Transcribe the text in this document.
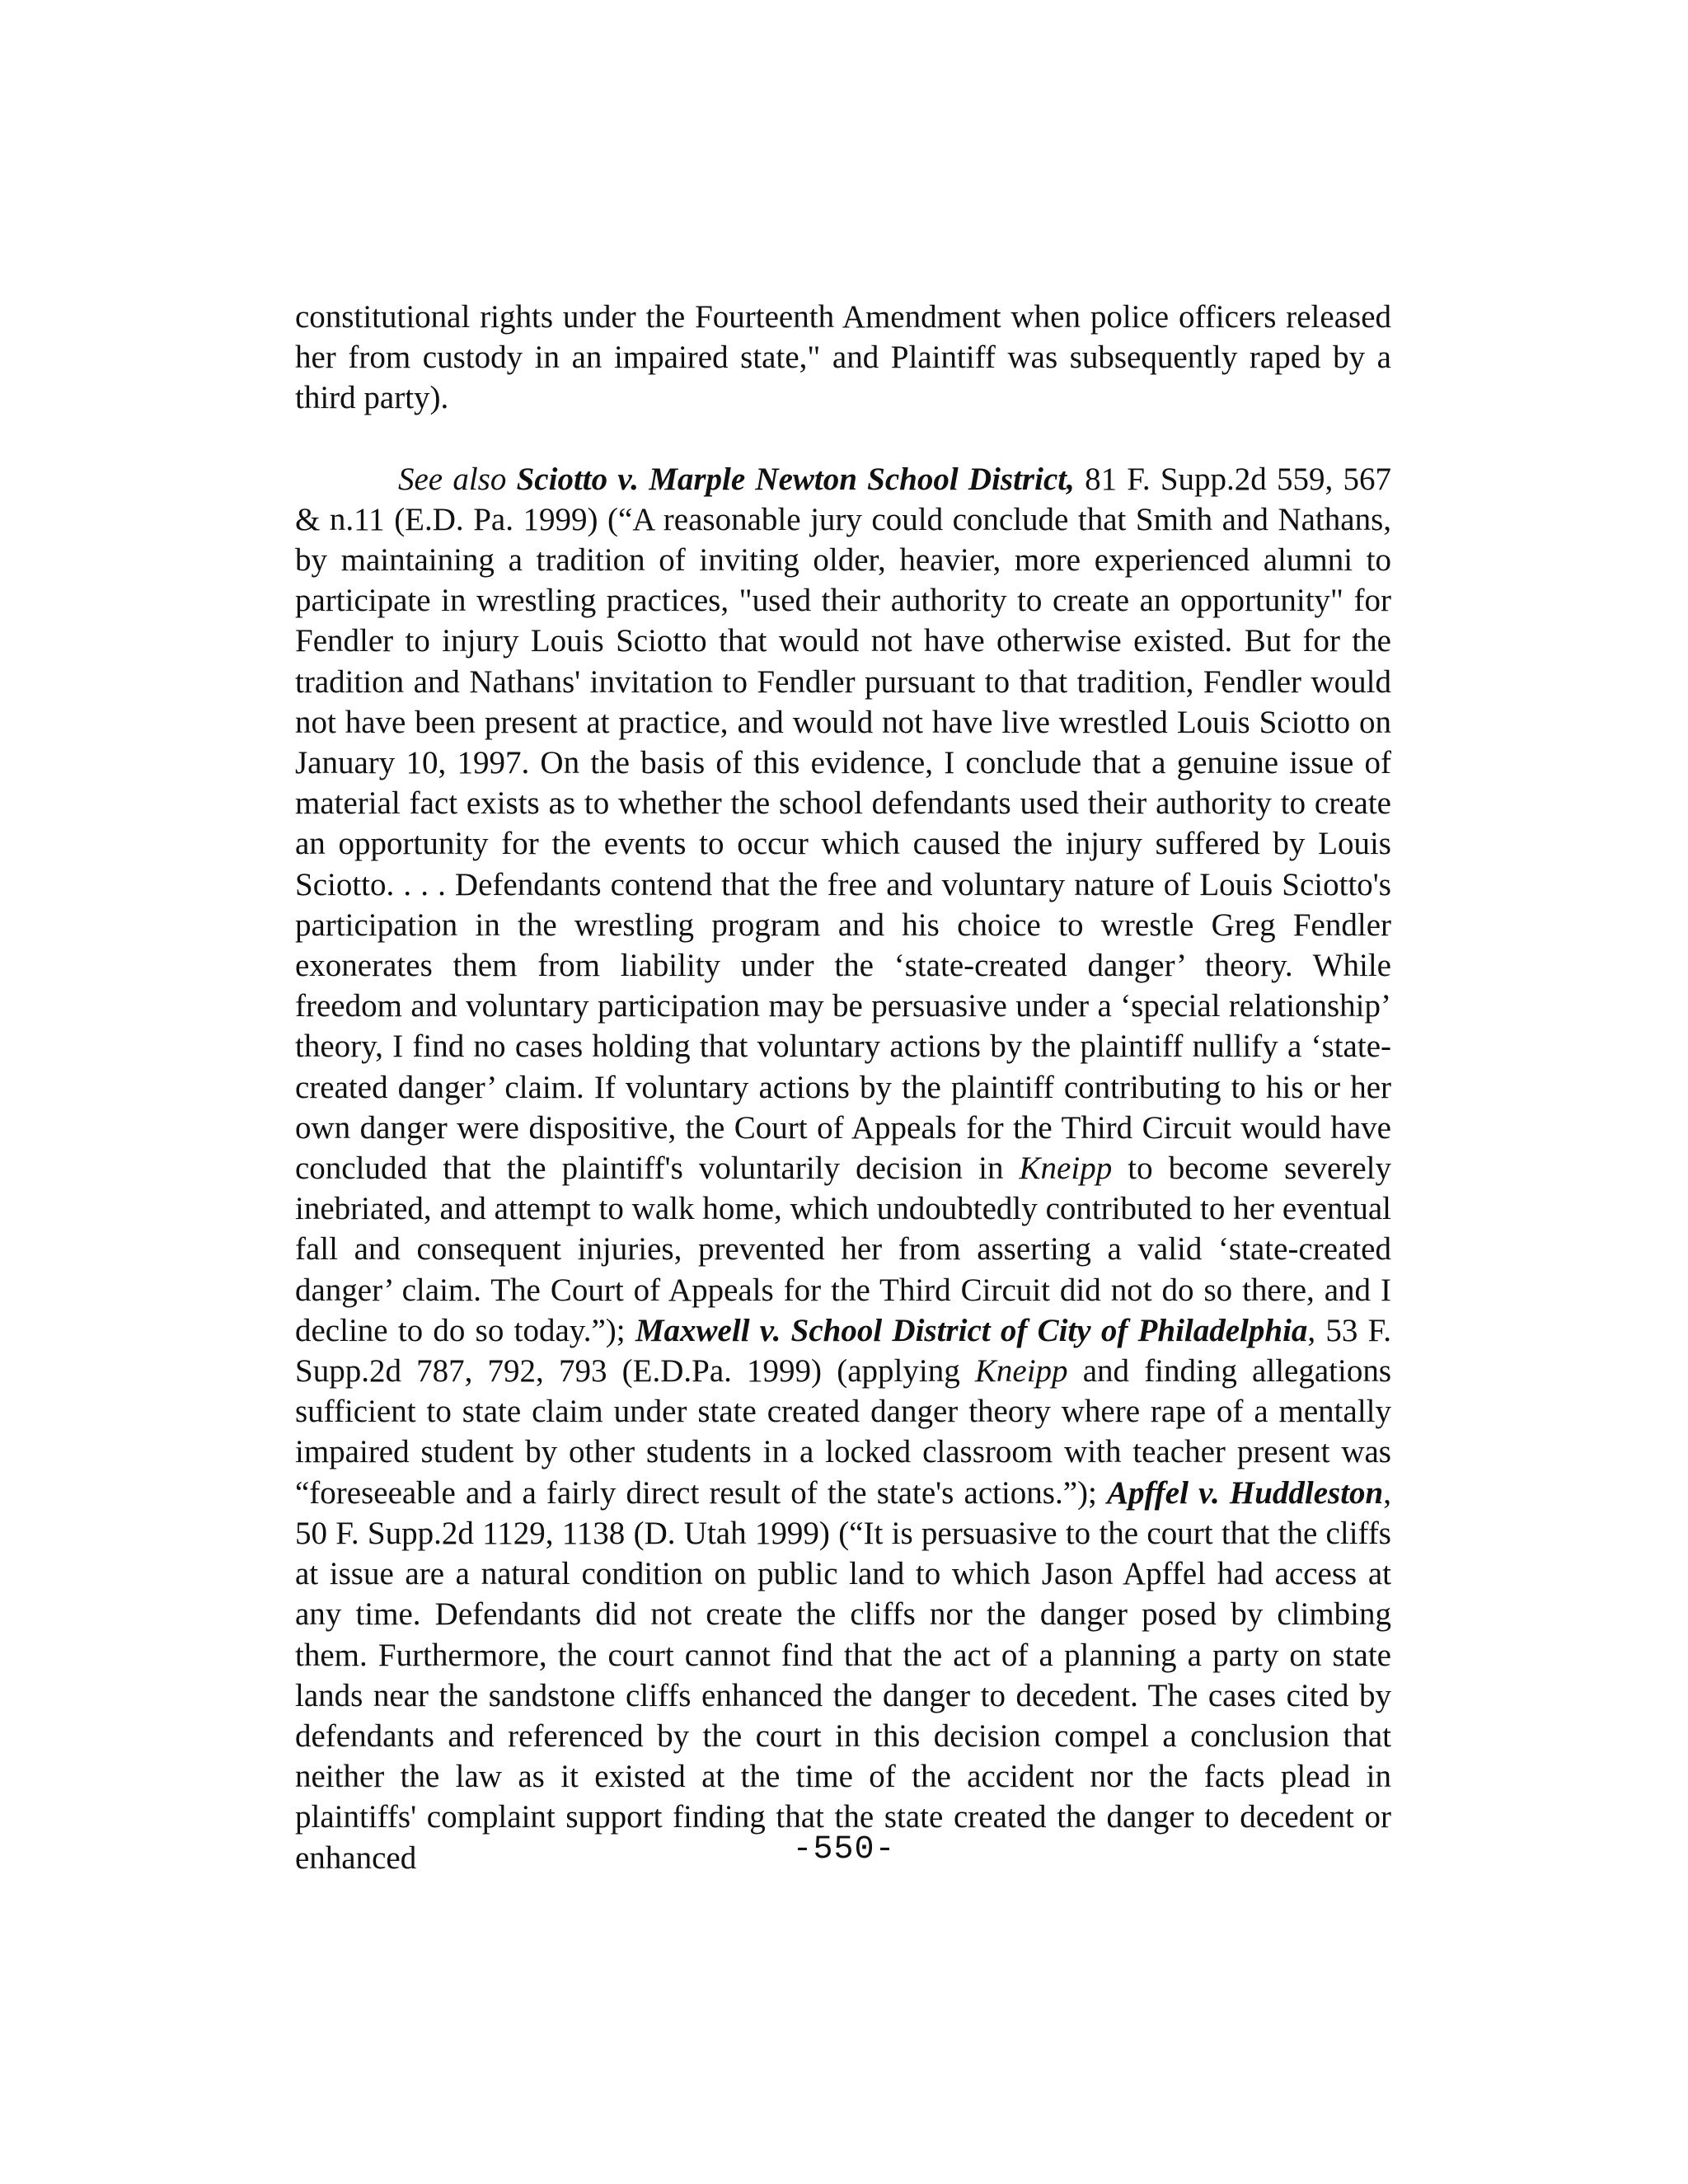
constitutional rights under the Fourteenth Amendment when police officers released her from custody in an impaired state," and Plaintiff was subsequently raped by a third party).

See also Sciotto v. Marple Newton School District, 81 F. Supp.2d 559, 567 & n.11 (E.D. Pa. 1999) (“A reasonable jury could conclude that Smith and Nathans, by maintaining a tradition of inviting older, heavier, more experienced alumni to participate in wrestling practices, "used their authority to create an opportunity" for Fendler to injury Louis Sciotto that would not have otherwise existed. But for the tradition and Nathans' invitation to Fendler pursuant to that tradition, Fendler would not have been present at practice, and would not have live wrestled Louis Sciotto on January 10, 1997. On the basis of this evidence, I conclude that a genuine issue of material fact exists as to whether the school defendants used their authority to create an opportunity for the events to occur which caused the injury suffered by Louis Sciotto. . . . Defendants contend that the free and voluntary nature of Louis Sciotto's participation in the wrestling program and his choice to wrestle Greg Fendler exonerates them from liability under the ‘state-created danger’ theory. While freedom and voluntary participation may be persuasive under a ‘special relationship’ theory, I find no cases holding that voluntary actions by the plaintiff nullify a ‘state-created danger’ claim. If voluntary actions by the plaintiff contributing to his or her own danger were dispositive, the Court of Appeals for the Third Circuit would have concluded that the plaintiff's voluntarily decision in Kneipp to become severely inebriated, and attempt to walk home, which undoubtedly contributed to her eventual fall and consequent injuries, prevented her from asserting a valid ‘state-created danger’ claim. The Court of Appeals for the Third Circuit did not do so there, and I decline to do so today.”); Maxwell v. School District of City of Philadelphia, 53 F. Supp.2d 787, 792, 793 (E.D.Pa. 1999) (applying Kneipp and finding allegations sufficient to state claim under state created danger theory where rape of a mentally impaired student by other students in a locked classroom with teacher present was “foreseeable and a fairly direct result of the state's actions.”); Apffel v. Huddleston, 50 F. Supp.2d 1129, 1138 (D. Utah 1999) (“It is persuasive to the court that the cliffs at issue are a natural condition on public land to which Jason Apffel had access at any time. Defendants did not create the cliffs nor the danger posed by climbing them. Furthermore, the court cannot find that the act of a planning a party on state lands near the sandstone cliffs enhanced the danger to decedent. The cases cited by defendants and referenced by the court in this decision compel a conclusion that neither the law as it existed at the time of the accident nor the facts plead in plaintiffs' complaint support finding that the state created the danger to decedent or enhanced	-550-
